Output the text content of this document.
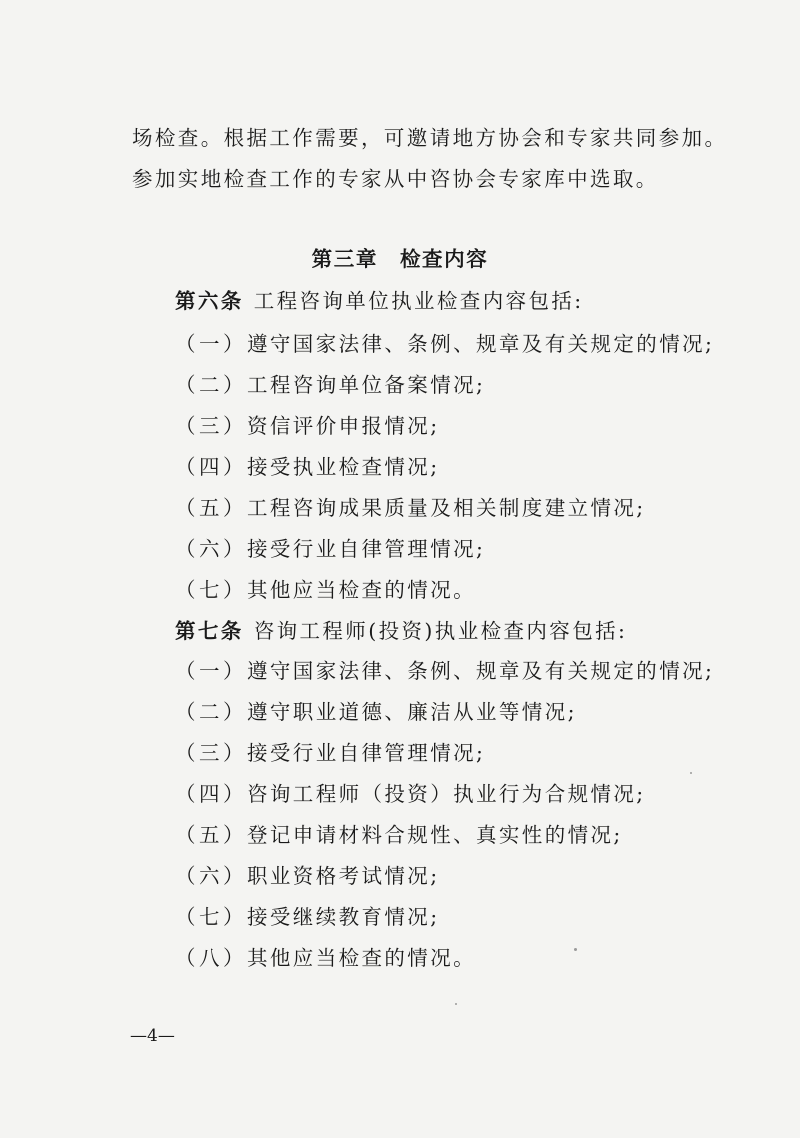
场检查。根据工作需要，可邀请地方协会和专家共同参加。
参加实地检查工作的专家从中咨协会专家库中选取。
第三章 检查内容
第六条 工程咨询单位执业检查内容包括:
（一）遵守国家法律、条例、规章及有关规定的情况;
（二）工程咨询单位备案情况;
（三）资信评价申报情况;
（四）接受执业检查情况;
（五）工程咨询成果质量及相关制度建立情况;
（六）接受行业自律管理情况;
（七）其他应当检查的情况。
第七条 咨询工程师(投资)执业检查内容包括:
（一）遵守国家法律、条例、规章及有关规定的情况;
（二）遵守职业道德、廉洁从业等情况;
（三）接受行业自律管理情况;
（四）咨询工程师（投资）执业行为合规情况;
（五）登记申请材料合规性、真实性的情况;
（六）职业资格考试情况;
（七）接受继续教育情况;
（八）其他应当检查的情况。
—4—
